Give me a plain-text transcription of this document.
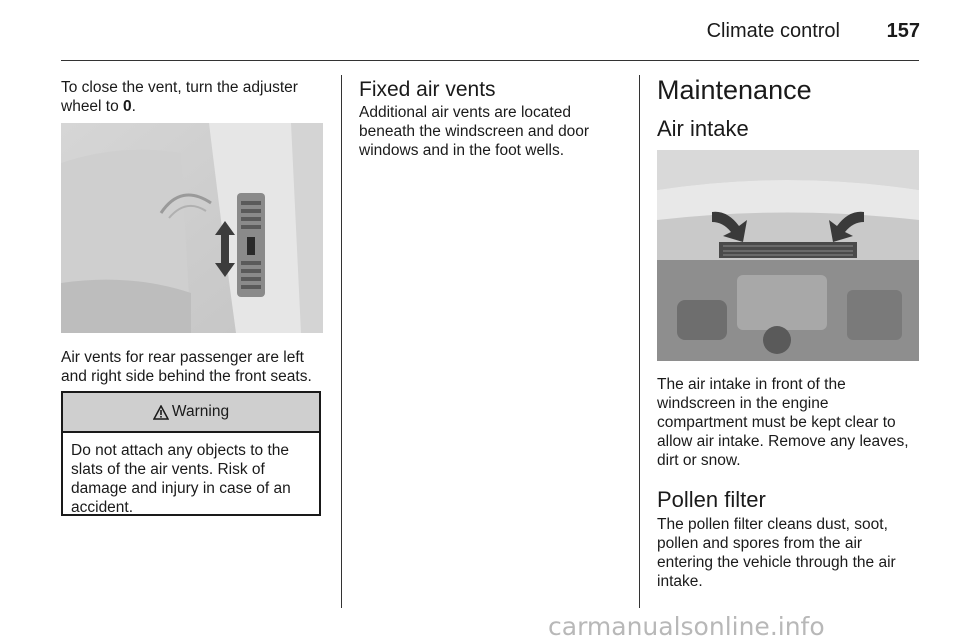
Climate control	157

To close the vent, turn the adjuster wheel to 0.

Air vents for rear passenger are left and right side behind the front seats.

Warning
Do not attach any objects to the slats of the air vents. Risk of damage and injury in case of an accident.
Fixed air vents

Additional air vents are located beneath the windscreen and door windows and in the foot wells.

Maintenance
Air intake

The air intake in front of the windscreen in the engine compartment must be kept clear to allow air intake. Remove any leaves, dirt or snow.

Pollen filter

The pollen filter cleans dust, soot, pollen and spores from the air entering the vehicle through the air intake.

carmanualsonline.info
